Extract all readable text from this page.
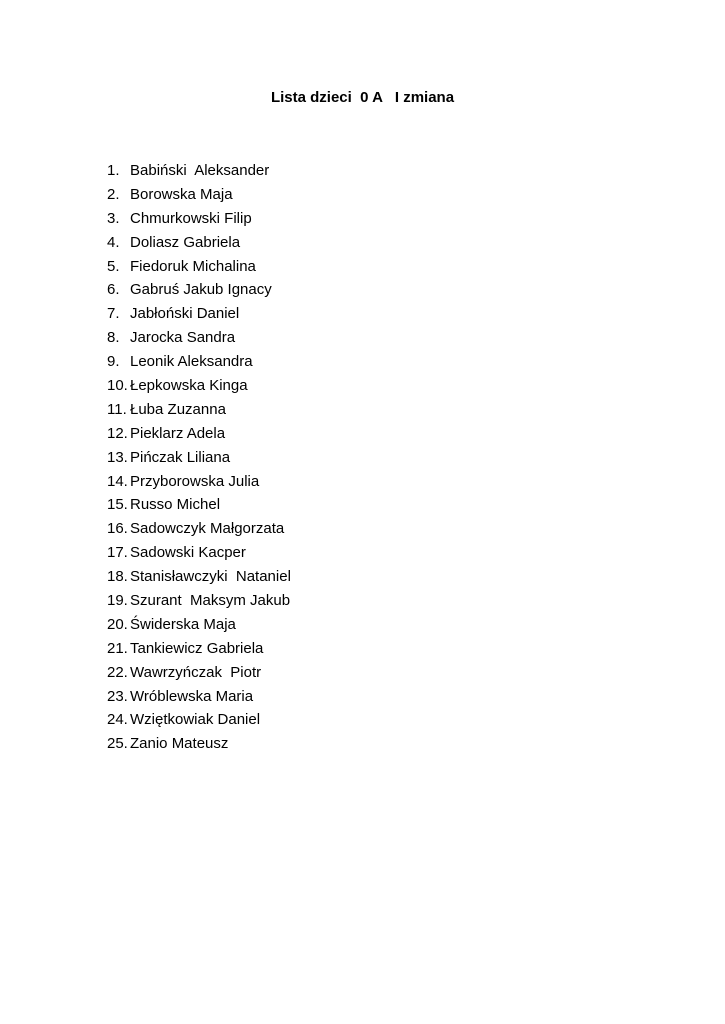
Lista dzieci  0 A   I zmiana
1. Babiński  Aleksander
2. Borowska Maja
3. Chmurkowski Filip
4. Doliasz Gabriela
5. Fiedoruk Michalina
6. Gabruś Jakub Ignacy
7. Jabłoński Daniel
8. Jarocka Sandra
9. Leonik Aleksandra
10. Łepkowska Kinga
11. Łuba Zuzanna
12. Pieklarz Adela
13. Pińczak Liliana
14. Przyborowska Julia
15. Russo Michel
16. Sadowczyk Małgorzata
17. Sadowski Kacper
18. Stanisławczyki  Nataniel
19. Szurant  Maksym Jakub
20. Świderska Maja
21. Tankiewicz Gabriela
22. Wawrzyńczak  Piotr
23. Wróblewska Maria
24. Wziętkowiak Daniel
25. Zanio Mateusz
